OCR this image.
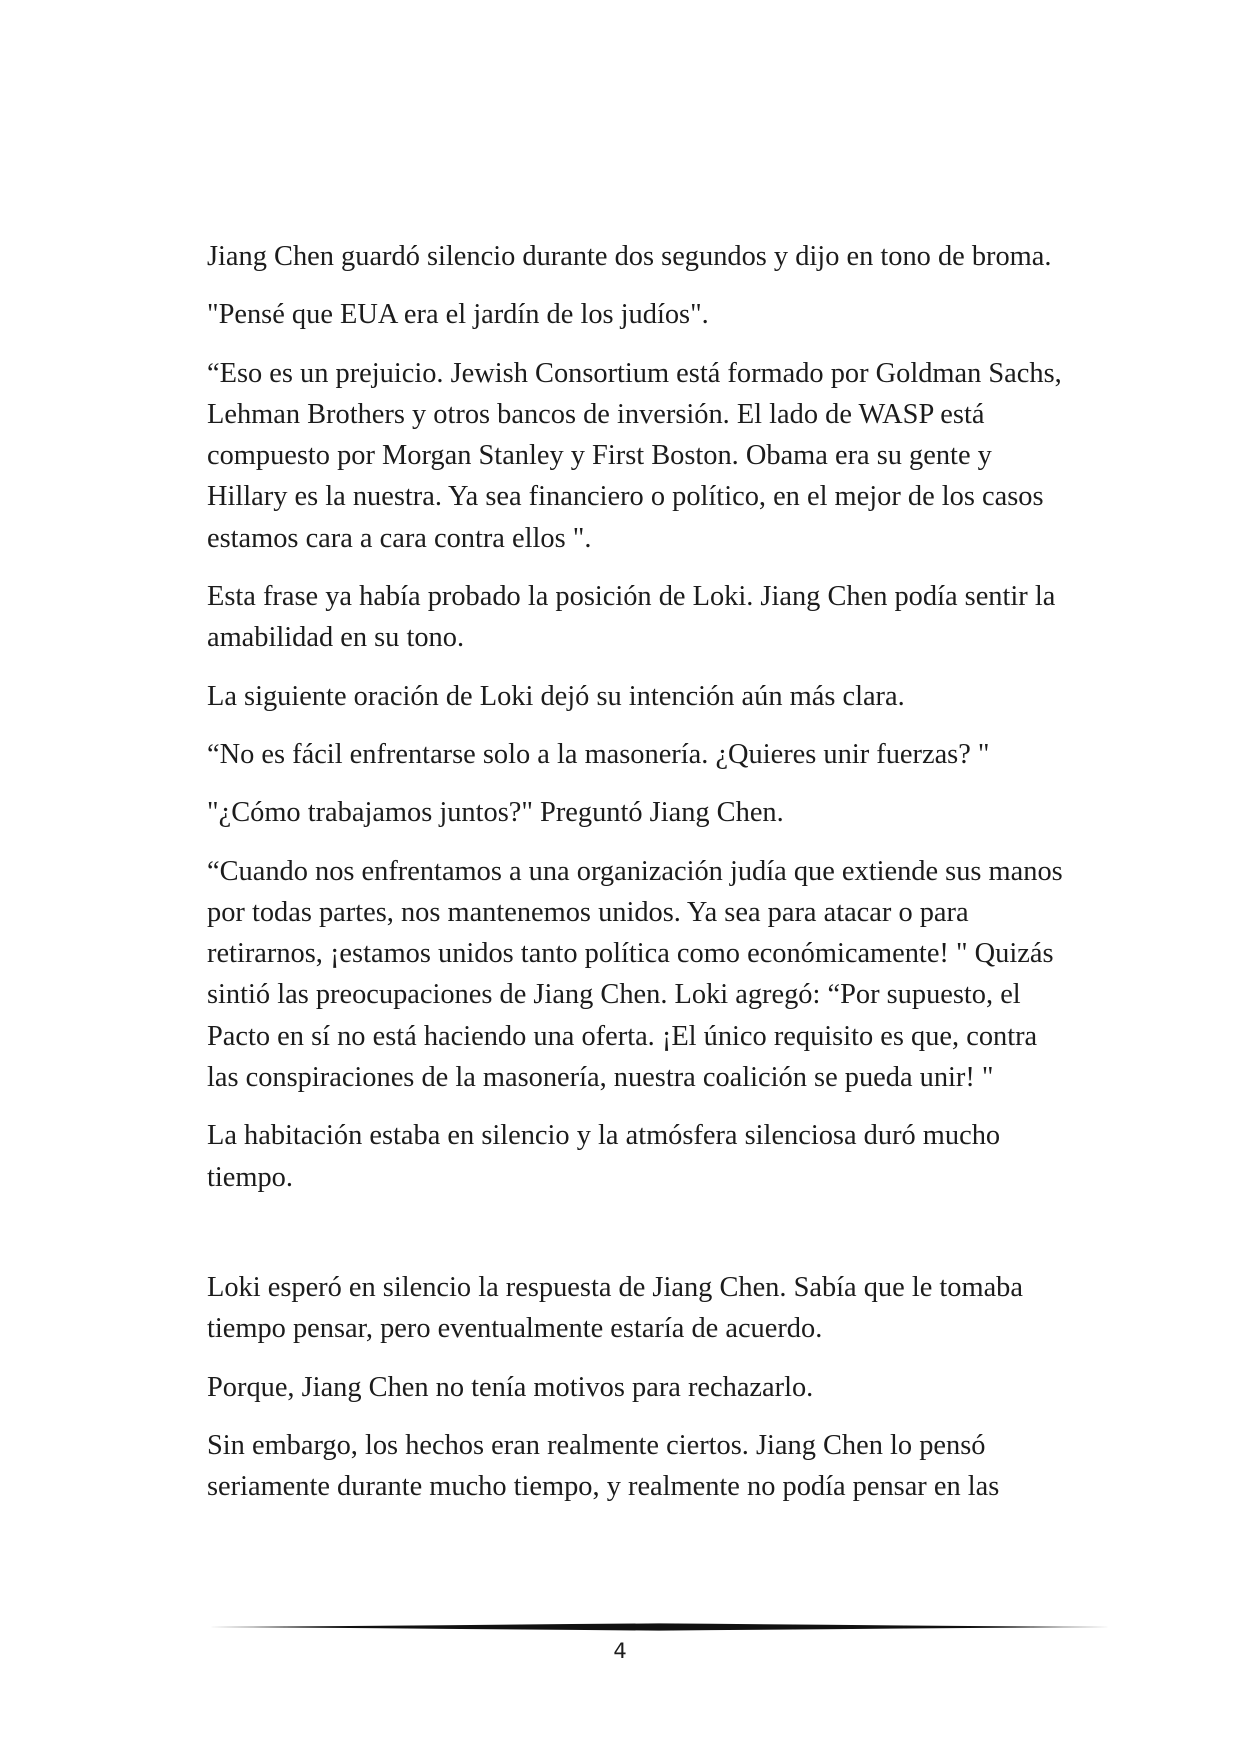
Jiang Chen guardó silencio durante dos segundos y dijo en tono de broma.

"Pensé que EUA era el jardín de los judíos".

“Eso es un prejuicio. Jewish Consortium está formado por Goldman Sachs, Lehman Brothers y otros bancos de inversión. El lado de WASP está compuesto por Morgan Stanley y First Boston. Obama era su gente y Hillary es la nuestra. Ya sea financiero o político, en el mejor de los casos estamos cara a cara contra ellos ".

Esta frase ya había probado la posición de Loki. Jiang Chen podía sentir la amabilidad en su tono.

La siguiente oración de Loki dejó su intención aún más clara.

“No es fácil enfrentarse solo a la masonería. ¿Quieres unir fuerzas? "

"¿Cómo trabajamos juntos?" Preguntó Jiang Chen.

“Cuando nos enfrentamos a una organización judía que extiende sus manos por todas partes, nos mantenemos unidos. Ya sea para atacar o para retirarnos, ¡estamos unidos tanto política como económicamente! " Quizás sintió las preocupaciones de Jiang Chen. Loki agregó: “Por supuesto, el Pacto en sí no está haciendo una oferta. ¡El único requisito es que, contra las conspiraciones de la masonería, nuestra coalición se pueda unir! "

La habitación estaba en silencio y la atmósfera silenciosa duró mucho tiempo.

Loki esperó en silencio la respuesta de Jiang Chen. Sabía que le tomaba tiempo pensar, pero eventualmente estaría de acuerdo.

Porque, Jiang Chen no tenía motivos para rechazarlo.

Sin embargo, los hechos eran realmente ciertos. Jiang Chen lo pensó seriamente durante mucho tiempo, y realmente no podía pensar en las

4
